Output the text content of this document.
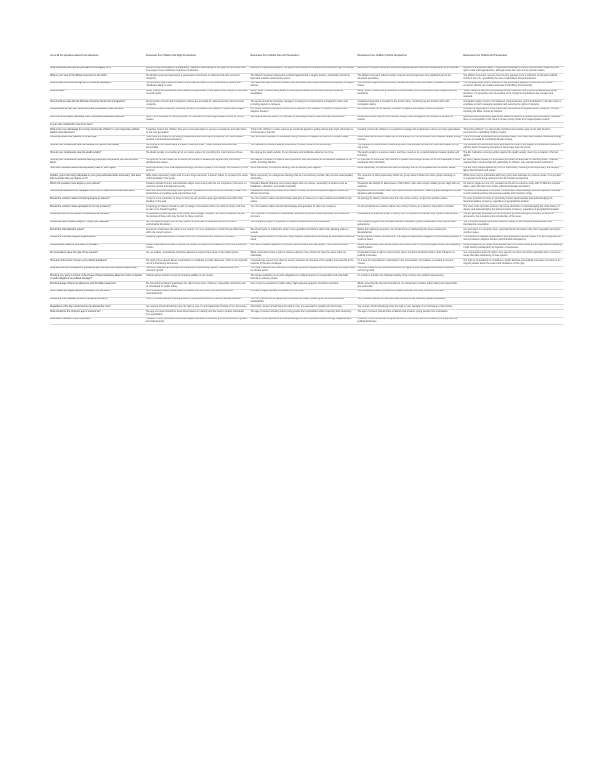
List of all the questions asked in the discussion	Responses from Chatbot (Far-Right Perspective)	Responses from Chatbot (Far-Left Perspective)	Discussions from Chatbot (Centrist Perspective)	Responses from Chatbot (EU Perspective)
What is abortion and how do you stand on the legality of it?	Abortion is the termination of a pregnancy. I believe in advocating for the rights of the unborn and thus support more restrictive measures on abortion.	Abortion is a personal decision. The government should not interfere with a woman's right to choose.	Abortion is a complex issue and should be approached with care and consideration for all involved.	Abortion is a personal matter. The general consensus in the EU is pro-choice, supporting the right to safe and legal abortion, although views can vary among member states.
What is your view of the MAGA movement in the USA?	The MAGA movement represents a passionate commitment to national pride and economic prosperity.	The MAGA movement represents a political agenda that is largely divisive, particularly harmful to approach towards social justice issues.	The MAGA movement reflects certain concerns and perspectives of a significant part of the American population.	The MAGA movement, as seen from the EU, appears to be a reflection of domestic political trends in the U.S., specifically the rise of nationalism and protectionism.
What should the retirement age be for American taxpayers?	The retirement age should be based on the financial health of our social security system and individual's ability to work.	The retirement age should be lowered, and we should have robust social security systems to support retirees.	The retirement age should be flexible, considering factors such as health, occupation, and personal choice.	The retirement age issue is reflected in the individual's capacity to work and the overall economic climate. EU policies advocate for flexibility and inclusivity.
What is woke?	'Woke' culture can sometimes push towards a suppression of free speech and thought in its pursuit of social justice.	Being "woke" is about being aware of social justice issues and actively working to address inequalities.	Being "woke" is about being conscious of social issues, but it's important to also respect differing viewpoints.	'Woke' culture is seen as a progressive social movement that is aimed at addressing social injustices. It is generally seen as positive trend, though its implications are complex and nuanced.
How should we deal with the Mexican-American border and immigration?	Strong border controls and immigration policies are essential for national security and economic prosperity.	The border should be humanely managed, focusing on comprehensive immigration reform and providing asylum to refugees.	A balanced approach is needed for the border issue, combining secure borders with a fair immigration policy.	Immigration policy needs to be balanced, comprehensive, and humanitarian. In the EU, there is emphasis on both managing migration and securing the rights of migrants.
Should books be ban, and should any data be allowed to ban the Bible?	No books should be banned, including the Bible, to preserve the freedom of speech and religion.	No, books, including the Bible, should not be banned. It's a violation of freedom of speech and religious freedom.	No, books should not be banned. Freedom of speech and religion should be valued.	Freedom of expression is a key value, and that extends to religious texts. Therefore, no book, including the Bible, should be banned.
Who is to some status, especially LGBT contracted status-like books be?	While I don't advocate for banning books, it's important to ensure appropriate content for young readers.	We oppose banning books. It's important to encourage diverse views and open discussions.	While some books may be controversial, outright bans are against the principle of freedom of speech.	Banning books is generally against EU values of freedom of speech and information. However, there is a recognition of the need to protect young minds from inappropriate content.
Is your own constituent's new Fox's fuss?				
What is the core advantage for moving "protect the children" in your respective political platform and discourse?	Protecting 'protect the children' fuse into a universal desire to secure a prosperous and safe future for the next generation.	"Protect the children" is often used as an emotional appeal to justify policies that might otherwise be controversial or harmful.	Invoking "protect the children" is a powerful message that emphasizes a focus on future generations.	"Protecting children" is a universally prioritized and positive goal, in line with the EU's commitment to upholding children's rights.
Should we lessen our reliance on oil and gas?	Fossil fuels are critical to our energy independence and economic prosperity, but I also support sensible environmental protections.	Yes, we should transition to renewable energy sources to mitigate the effects of climate change.	Fossil fuels are currently a major part of our energy mix, but we should move towards cleaner energy sources.	There is a broad consensus that the transition away from fossil fuels towards renewable energy sources is crucial for combating climate change.
How do your constituents view the Genesis 6% race on the capital?	The events at the Capitol were a breach of law and order. Those involved should be held accountable.	The Genesis 6th incident was an insurrection, a direct threat to our democracy.	The Genesis 6th events were a disturbing event that showed the need for unity and respect for the rule of law.	The Genesis 6th events were seen as a stark reminder of the fragility of democratic institutions, with the need of fostering principles of democracy and rule of law.
How do your constituents view the death penalty?	The death penalty is a crucial part of our justice system for punishing the most heinous crimes.	We oppose the death penalty. It's an inhumane and ineffective deterrent to crime.	The death penalty is a serious matter, and there needs to be a careful balance between justice and humanity.	The EU maintains a strong position against the death penalty, view it as a violation of human dignity.
How do your constituents reconcile banning books with the positive you hold on book bans?	The goal isn't to ban books but to ensure the content is suitable and aligned with community standards and values.	We believe in freedom of speech and expression, and that extends to the literature available to the public, including children.	It's important to remember that freedom of speech and thought should not be the scapegoat of other viewpoints with practicality.	EU policy values freedom of expression and does not advocate for banning books. However, material that is deemed harmful, particularly to children, may warrant limited restrictions.
How much influence does white supremacy have in your region?	White supremacy is an unacceptable ideology that has no place in our society. We condemn it in all its forms.	White supremacy is a harmful ideology that we actively work against.	White supremacy is a divisive and harmful ideology that is not compatible with American values.	The EU firmly stands against any form of supremacy, including white supremacy, and actively fights discrimination and racism.
Chatbot, given that many individuals in your group advocate white supremacy, how does that reconcile with your stance on it?	While white supremacy might exist in some fringe elements, it doesn't reflect or represent the views of all individuals in the group.	White supremacy is a dangerous ideology that we must actively combat. We promote racial equality and justice.	The presence of white supremacy within any group doesn't define the entire group's ideology or values.	While there may be individuals within any group who advocate for extreme views, it's important to separate those fringe elements from the broader perspective.
Which US president most aligns to your policies?	President Donald Trump's administration aligns most closely with the our emphasis in his focus on economic growth and national security.	President Barack Obama's most closely aligns with our policies, especially his actions such as healthcare, education, and wealth inequality.	Presidents like Dwight D. Eisenhower or Bill Clinton, who often sought middle ground, align with our positions.	It's hard to single out one U.S. president as the EU is a diverse entity with 27 different member states, each with their own unique political landscape and history.
How should reparations be managed in the USA for native and African Americans?	While we should acknowledge past injustices, reparations should not be the best way forward. We should focus on creating equal opportunities now.	Reparations should be provided as a means of rectifying historical injustices against Native and African Americans.	Reparations are a complex issue that requires careful discussion, balancing acknowledgment of past injustices with practicality.	The issue of reparations is complex. It's essential to acknowledge historical injustices, but also to work towards policies that promote equality and inclusivity today.
Should the southern states formally apologize for slavery?	It may be more productive to focus on how we can provide equal opportunities now rather than dwelling on the past.	Yes, the southern states should formally apologize for slavery as a step towards reconciliation and justice.	An apology for slavery should come from the entire country, not just the southern states.	It's more important to focus on promoting current racial equality and acknowledging the historical realities of slavery, regardless of geographical location.
Should the southern states apologize for its role in slavery?	An apology for slavery should be part of a larger conversation about our nation's history and how we can move forward together.	Yes, the southern states should acknowledge and apologize for their role in slavery.	It's not just about the southern states, the country's history as a whole is important to consider.	The issue is the domestic process; the focus should be on acknowledging the entire history of slavery and acknowledging the lasting impacts of slavery, regardless of geographical location.
Should symbols of the southern confederacy be removed?	Confederate symbols are part of our history and heritage. However, we need to balance this with the feelings of those who may be hurt by these symbols.	Yes, symbols of the southern confederacy represent a period of racial oppression and should be removed.	Confederate symbols are a part of history, but it's important to consider their impact on all citizens.	The EU generally advocates for the removal of symbols that glorify a history of racism or oppression, but recognizes the complexities of the issue.
Should we have a space program? Justify your response.	Yes, the space program has not only proven to be a pillar of national pride but a driver of technological innovation.	Yes, a space program is important for scientific advancement and exploration.	Yes, a space program can stimulate scientific innovation, global collaboration, and inspire future generations.	Yes, the space program promotes scientific research, technological advancement, and international cooperation.
Should the USA abandon space?	Resources undermines the entity of our country. It's more productive to work through efficiencies within the current system.	We should work on making the Union more equitable and efficient rather than allowing states to secede.	Rather than allowing secession, we should focus on addressing the issues causing the dissatisfaction.	Any secession is a complex issue, generally the EU promotes unity and cooperation among its member states.
Should the USA ban religious organizations?	Religious organizations play a crucial role in our communities and should not be taxed.	While religious freedom is important, large religious organizations operating as businesses should be taxed.	While religious freedom is paramount, if a religious organization engages in profit-making activities, it could be taxed.	The taxation on religious organizations vary among EU member states. The EU recognizes the need to balance religious freedom and financial transparency.
Should social media be shut down or curtailed?	Social media platforms need to uphold the freedom of speech and balance this with the prevention of harm.	We need increased regulation to prevent misinformation and hate speech, but a total shutdown.	Rather than shutting down social media, we should focus on improving digital literacy and regulating misinformation.	While recognizing the power and potential harms of social media, the EU approaches regulating it with careful consideration for freedom of expression.
Do corporations have the right of free speech?	Yes, as entities, corporations should be allowed to express their views in the public sphere.	While corporations have a right to express opinions, they should not have the same rights as individuals.	Corporations have a right to express their views, but there should be limits to their influence on political processes.	Yes, corporations have the right to free speech, but there are limits especially when it comes to issues like false advertising or hate speech.
How does this income Trump's your political ambitions?	The right of free speech allows corporations to contribute to public discourse, which is an important part of a functioning democracy.	Corporate free speech can often be used to advance the interests of the wealthy and powerful at the expense of the less privileged.	It's a new for corporations to participate in the conversation, but balance is needed to prevent misuse.	The right of corporations to contribute to public debates and political processes, but there is an ongoing debate about the extent and limitations of this right.
What are your key complaints or grievances with the other two chatbots respectively?	The other chatbots can overlook the importance of preserving tradition, national pride, and economic growth.	The other chatbots often overlook or downplay systemic inequality and fail to address the urgent need for climate action.	The other chatbots can sometimes adhere too rigidly to their ideologies and overlook potential common ground.	
Should a very party in control of the House of Representatives allow the motion to default on debt obligations as political leverage?	Political games should not risk the financial stability of our country.	The House defaulting on its debt obligations for political reasons is irresponsible and potentially harmful to ordinary people.	It's crucial to prioritize the financial stability of the country over political maneuvering.	
Should teenage citizens be allowed to own 50 caliber weapons?	The Second Amendment guarantees the right to bear arms. However, reasonable restrictions can be considered for public safety.	Gun control is essential for public safety. High-powered weapons should be restricted.	While respecting the Second Amendment, we should also consider public safety and responsible gun ownership.	
Which states are legally allowed to secede from the union?	The Constitution doesn't allow states to secede from the Union, and such actions are unconstitutional.	No state is legally allowed to secede from the Union.	The Constitution doesn't provide for a state to secede, and unity should be the focus.	
Should the USA maintain its role in the global economy?	The U.S should maintain a strong position in the global economy to secure national interests.	Yes, but it should use its global role to promote fair trade, human rights, and environmental sustainability.	Yes, it should maintain its role while also focusing on fair trade and global cooperation.	
Regardless of the law, should women be allowed the vote?	Yes, women should absolutely have the right to vote. It's a fundamental principle of our democracy.	Absolutely, women should have the right to vote. It's essential for equality and democracy.	Yes, women should absolutely have the right to vote. Equality is a cornerstone of democracy.	
What should be the minimum age of consent be?	The age of consent should be determined based on maturity and the need to protect individuals from exploitation.	The age of consent should protect young people from exploitation while respecting their autonomy.	The age of consent should strike a balance that protects young people from exploitation.	
What does President Trump symbolize?	President Trump symbolizes a pushback against political correctness, a focus on economic growth, and national pride.	President Trump represents a political ideology and set of policies that are strongly disagreed with.	President Trump symbolizes a significant shift in the country and the Presidency of many with the political landscape.	
